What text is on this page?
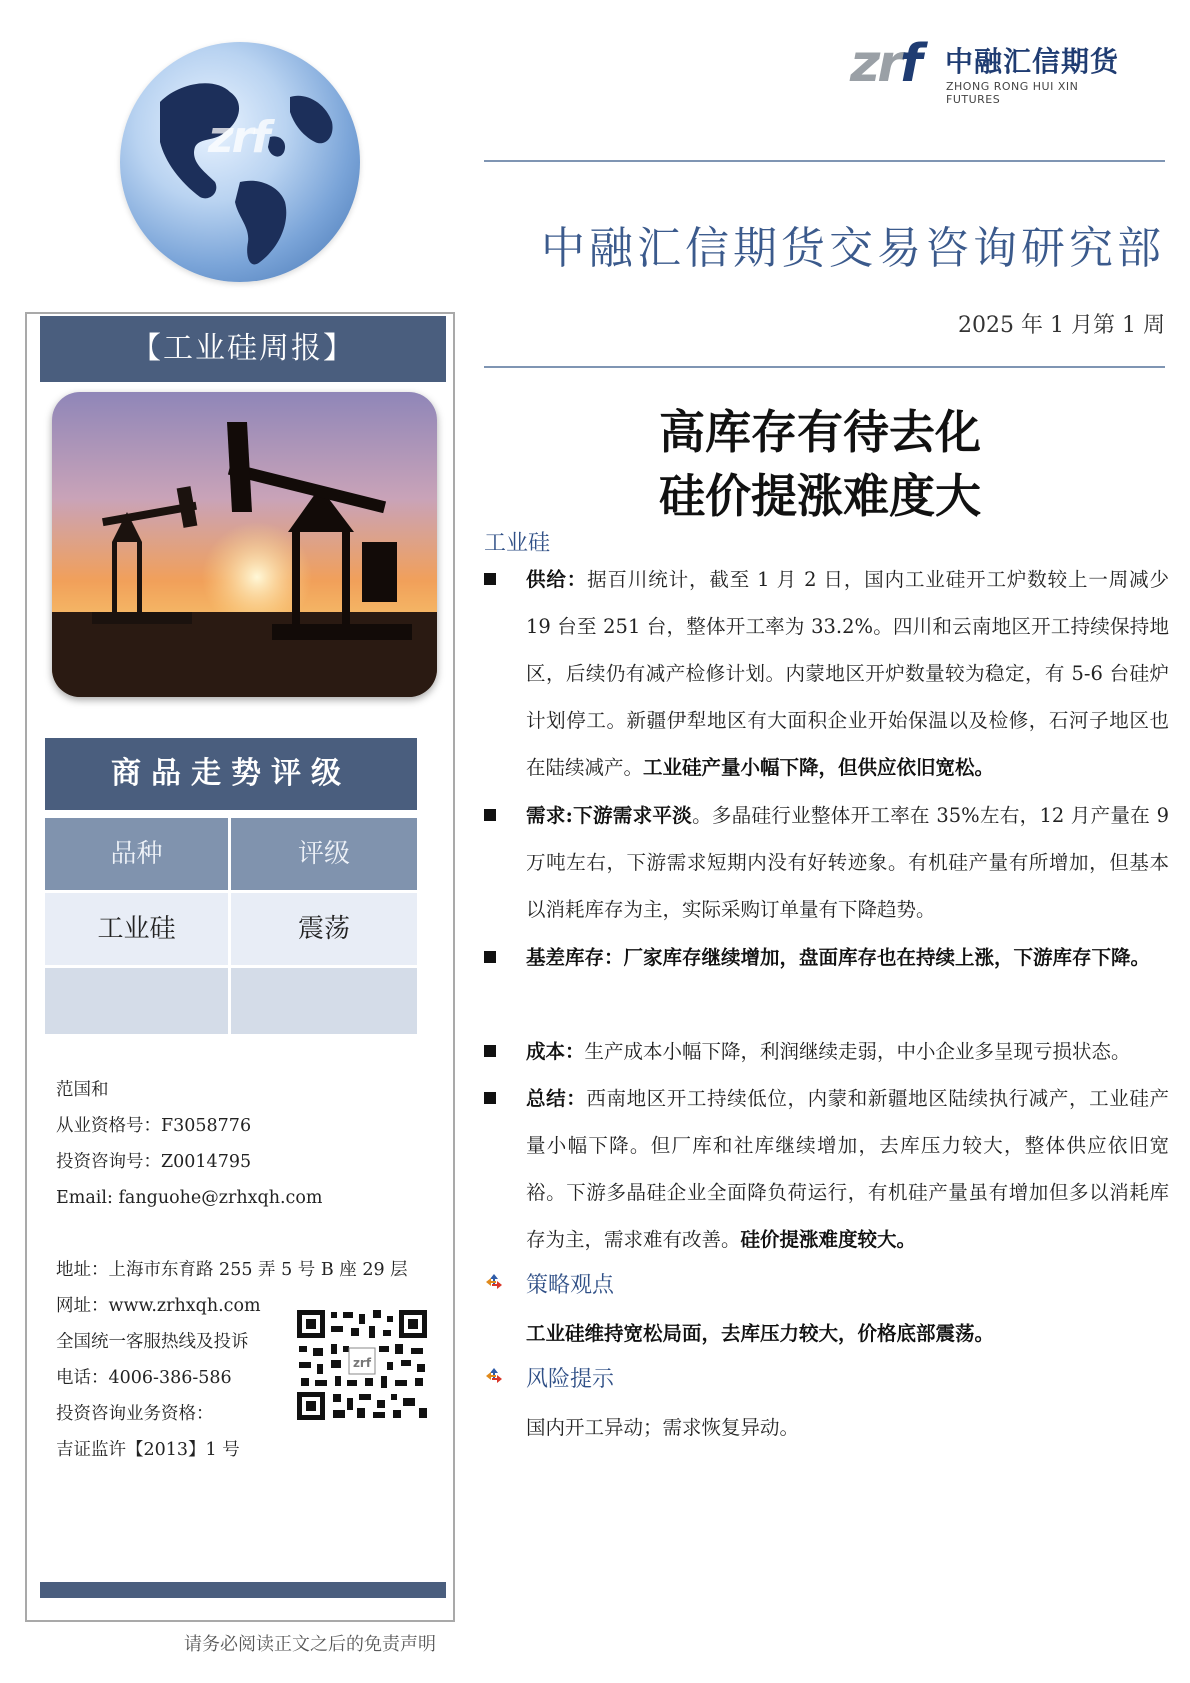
zrf
zrf 中融汇信期货
ZHONG RONG HUI XIN FUTURES
中融汇信期货交易咨询研究部
2025 年 1 月第 1 周
高库存有待去化
硅价提涨难度大
工业硅
供给：据百川统计，截至 1 月 2 日，国内工业硅开工炉数较上一周减少 19 台至 251 台，整体开工率为 33.2%。四川和云南地区开工持续保持地区，后续仍有减产检修计划。内蒙地区开炉数量较为稳定，有 5-6 台硅炉计划停工。新疆伊犁地区有大面积企业开始保温以及检修，石河子地区也在陆续减产。工业硅产量小幅下降，但供应依旧宽松。
需求:下游需求平淡。多晶硅行业整体开工率在 35%左右，12 月产量在 9 万吨左右，下游需求短期内没有好转迹象。有机硅产量有所增加，但基本以消耗库存为主，实际采购订单量有下降趋势。
基差库存：厂家库存继续增加，盘面库存也在持续上涨，下游库存下降。
成本：生产成本小幅下降，利润继续走弱，中小企业多呈现亏损状态。
总结：西南地区开工持续低位，内蒙和新疆地区陆续执行减产，工业硅产量小幅下降。但厂库和社库继续增加，去库压力较大，整体供应依旧宽裕。下游多晶硅企业全面降负荷运行，有机硅产量虽有增加但多以消耗库存为主，需求难有改善。硅价提涨难度较大。
策略观点
工业硅维持宽松局面，去库压力较大，价格底部震荡。
风险提示
国内开工异动；需求恢复异动。
【工业硅周报】
商品走势评级
品种	评级
工业硅	震荡
范国和
从业资格号：F3058776
投资咨询号：Z0014795
Email: fanguohe@zrhxqh.com
地址：上海市东育路 255 弄 5 号 B 座 29 层
网址：www.zrhxqh.com
全国统一客服热线及投诉
电话：4006-386-586
投资咨询业务资格：
吉证监许【2013】1 号
zrf
请务必阅读正文之后的免责声明
